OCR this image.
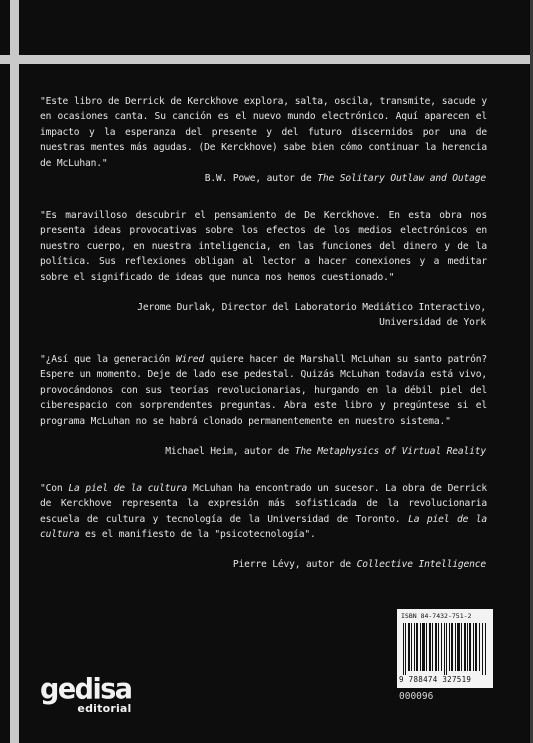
"Este libro de Derrick de Kerckhove explora, salta, oscila, transmite, sacude y en ocasiones canta. Su canción es el nuevo mundo electrónico. Aquí aparecen el impacto y la esperanza del presente y del futuro discernidos por una de nuestras mentes más agudas. (De Kerckhove) sabe bien cómo continuar la herencia de McLuhan."
B.W. Powe, autor de The Solitary Outlaw and Outage
"Es maravilloso descubrir el pensamiento de De Kerckhove. En esta obra nos presenta ideas provocativas sobre los efectos de los medios electrónicos en nuestro cuerpo, en nuestra inteligencia, en las funciones del dinero y de la política. Sus reflexiones obligan al lector a hacer conexiones y a meditar sobre el significado de ideas que nunca nos hemos cuestionado."
Jerome Durlak, Director del Laboratorio Mediático Interactivo,
Universidad de York
"¿Así que la generación Wired quiere hacer de Marshall McLuhan su santo patrón? Espere un momento. Deje de lado ese pedestal. Quizás McLuhan todavía está vivo, provocándonos con sus teorías revolucionarias, hurgando en la débil piel del ciberespacio con sorprendentes preguntas. Abra este libro y pregúntese si el programa McLuhan no se habrá clonado permanentemente en nuestro sistema."
Michael Heim, autor de The Metaphysics of Virtual Reality
"Con La piel de la cultura McLuhan ha encontrado un sucesor. La obra de Derrick de Kerckhove representa la expresión más sofisticada de la revolucionaria escuela de cultura y tecnología de la Universidad de Toronto. La piel de la cultura es el manifiesto de la "psicotecnología".
Pierre Lévy, autor de Collective Intelligence
gedisa
editorial
ISBN 84-7432-751-2
9 788474 327519
000096
